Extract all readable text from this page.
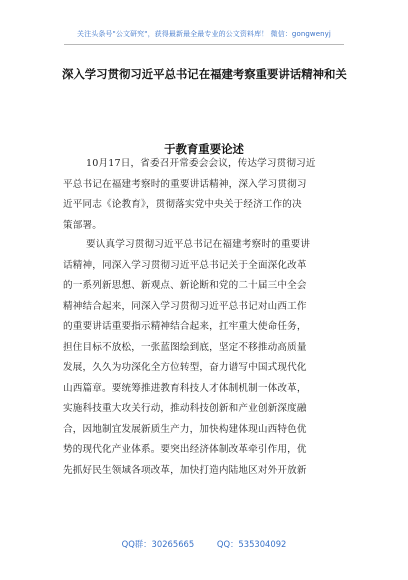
关注头条号"公文研究"，获得最新最全最专业的公文资料库！ 微信：gongwenyj
深入学习贯彻习近平总书记在福建考察重要讲话精神和关
于教育重要论述
10月17日，省委召开常委会会议，传达学习贯彻习近
平总书记在福建考察时的重要讲话精神，深入学习贯彻习
近平同志《论教育》，贯彻落实党中央关于经济工作的决
策部署。
要认真学习贯彻习近平总书记在福建考察时的重要讲
话精神，同深入学习贯彻习近平总书记关于全面深化改革
的一系列新思想、新观点、新论断和党的二十届三中全会
精神结合起来，同深入学习贯彻习近平总书记对山西工作
的重要讲话重要指示精神结合起来，扛牢重大使命任务，
担住目标不放松，一张蓝图绘到底，坚定不移推动高质量
发展，久久为功深化全方位转型，奋力谱写中国式现代化
山西篇章。要统筹推进教育科技人才体制机制一体改革，
实施科技重大攻关行动，推动科技创新和产业创新深度融
合，因地制宜发展新质生产力，加快构建体现山西特色优
势的现代化产业体系。要突出经济体制改革牵引作用，优
先抓好民生领域各项改革，加快打造内陆地区对外开放新
QQ群：30265665	QQ：535304092
